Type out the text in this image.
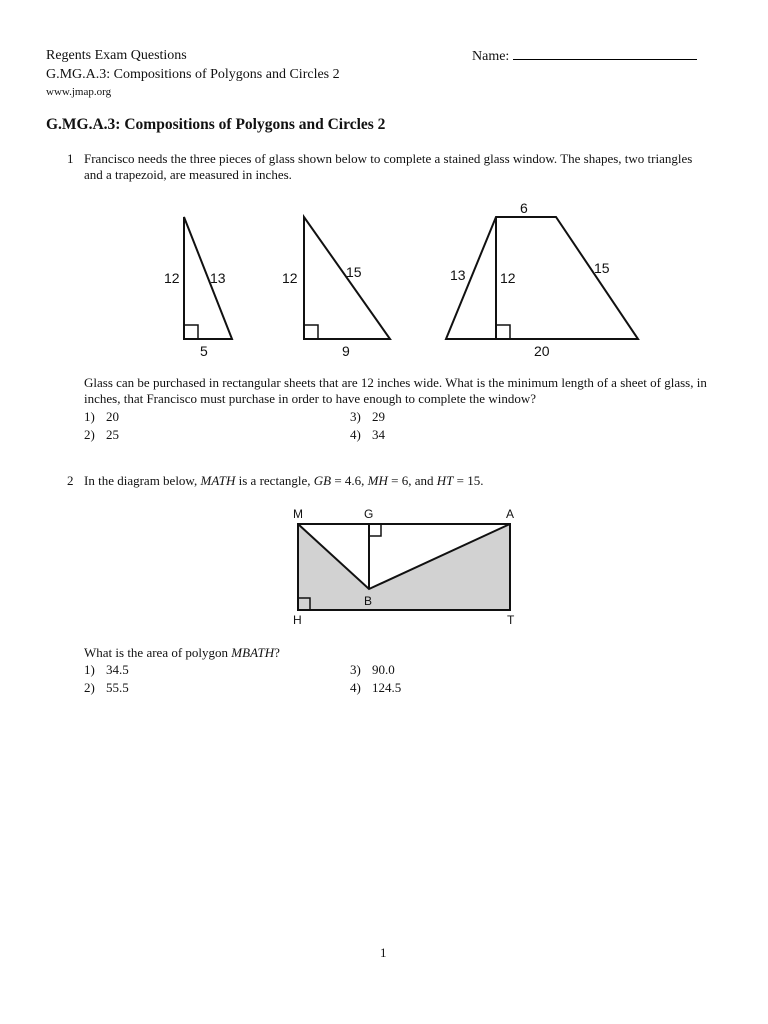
Regents Exam Questions
G.MG.A.3: Compositions of Polygons and Circles 2
www.jmap.org
Name:
G.MG.A.3: Compositions of Polygons and Circles 2
1 Francisco needs the three pieces of glass shown below to complete a stained glass window. The shapes, two triangles and a trapezoid, are measured in inches.
12 13
5
12	15
9
6
13 12
15
20
Glass can be purchased in rectangular sheets that are 12 inches wide. What is the minimum length of a sheet of glass, in inches, that Francisco must purchase in order to have enough to complete the window?
1) 20
2) 25
3) 29
4) 34
2 In the diagram below, MATH is a rectangle, GB = 4.6, MH = 6, and HT = 15.
M	G	A
B
H	T
What is the area of polygon MBATH?
1) 34.5
2) 55.5
3) 90.0
4) 124.5
1
